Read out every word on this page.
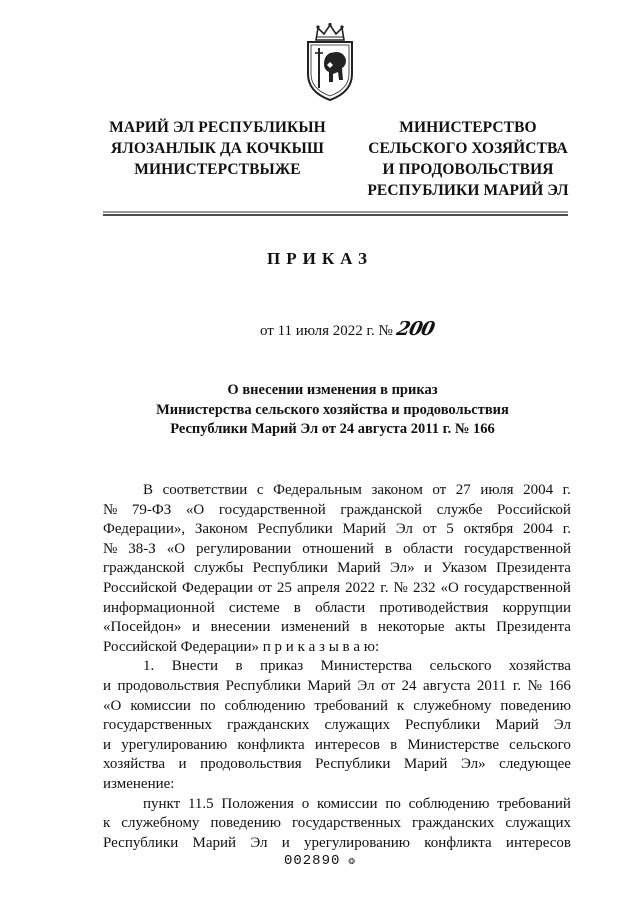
МАРИЙ ЭЛ РЕСПУБЛИКЫН
ЯЛОЗАНЛЫК ДА КОЧКЫШ
МИНИСТЕРСТВЫЖЕ
МИНИСТЕРСТВО
СЕЛЬСКОГО ХОЗЯЙСТВА
И ПРОДОВОЛЬСТВИЯ
РЕСПУБЛИКИ МАРИЙ ЭЛ
ПРИКАЗ
от 11 июля 2022 г. № 200
О внесении изменения в приказ
Министерства сельского хозяйства и продовольствия
Республики Марий Эл от 24 августа 2011 г. № 166
В соответствии с Федеральным законом от 27 июля 2004 г.
№ 79-ФЗ «О государственной гражданской службе Российской
Федерации», Законом Республики Марий Эл от 5 октября 2004 г.
№ 38-З «О регулировании отношений в области государственной
гражданской службы Республики Марий Эл» и Указом Президента
Российской Федерации от 25 апреля 2022 г. № 232 «О государственной
информационной системе в области противодействия коррупции
«Посейдон» и внесении изменений в некоторые акты Президента
Российской Федерации» п р и к а з ы в а ю:
1. Внести в приказ Министерства сельского хозяйства
и продовольствия Республики Марий Эл от 24 августа 2011 г. № 166
«О комиссии по соблюдению требований к служебному поведению
государственных гражданских служащих Республики Марий Эл
и урегулированию конфликта интересов в Министерстве сельского
хозяйства и продовольствия Республики Марий Эл» следующее
изменение:
пункт 11.5 Положения о комиссии по соблюдению требований
к служебному поведению государственных гражданских служащих
Республики Марий Эл и урегулированию конфликта интересов
002890 ❂
